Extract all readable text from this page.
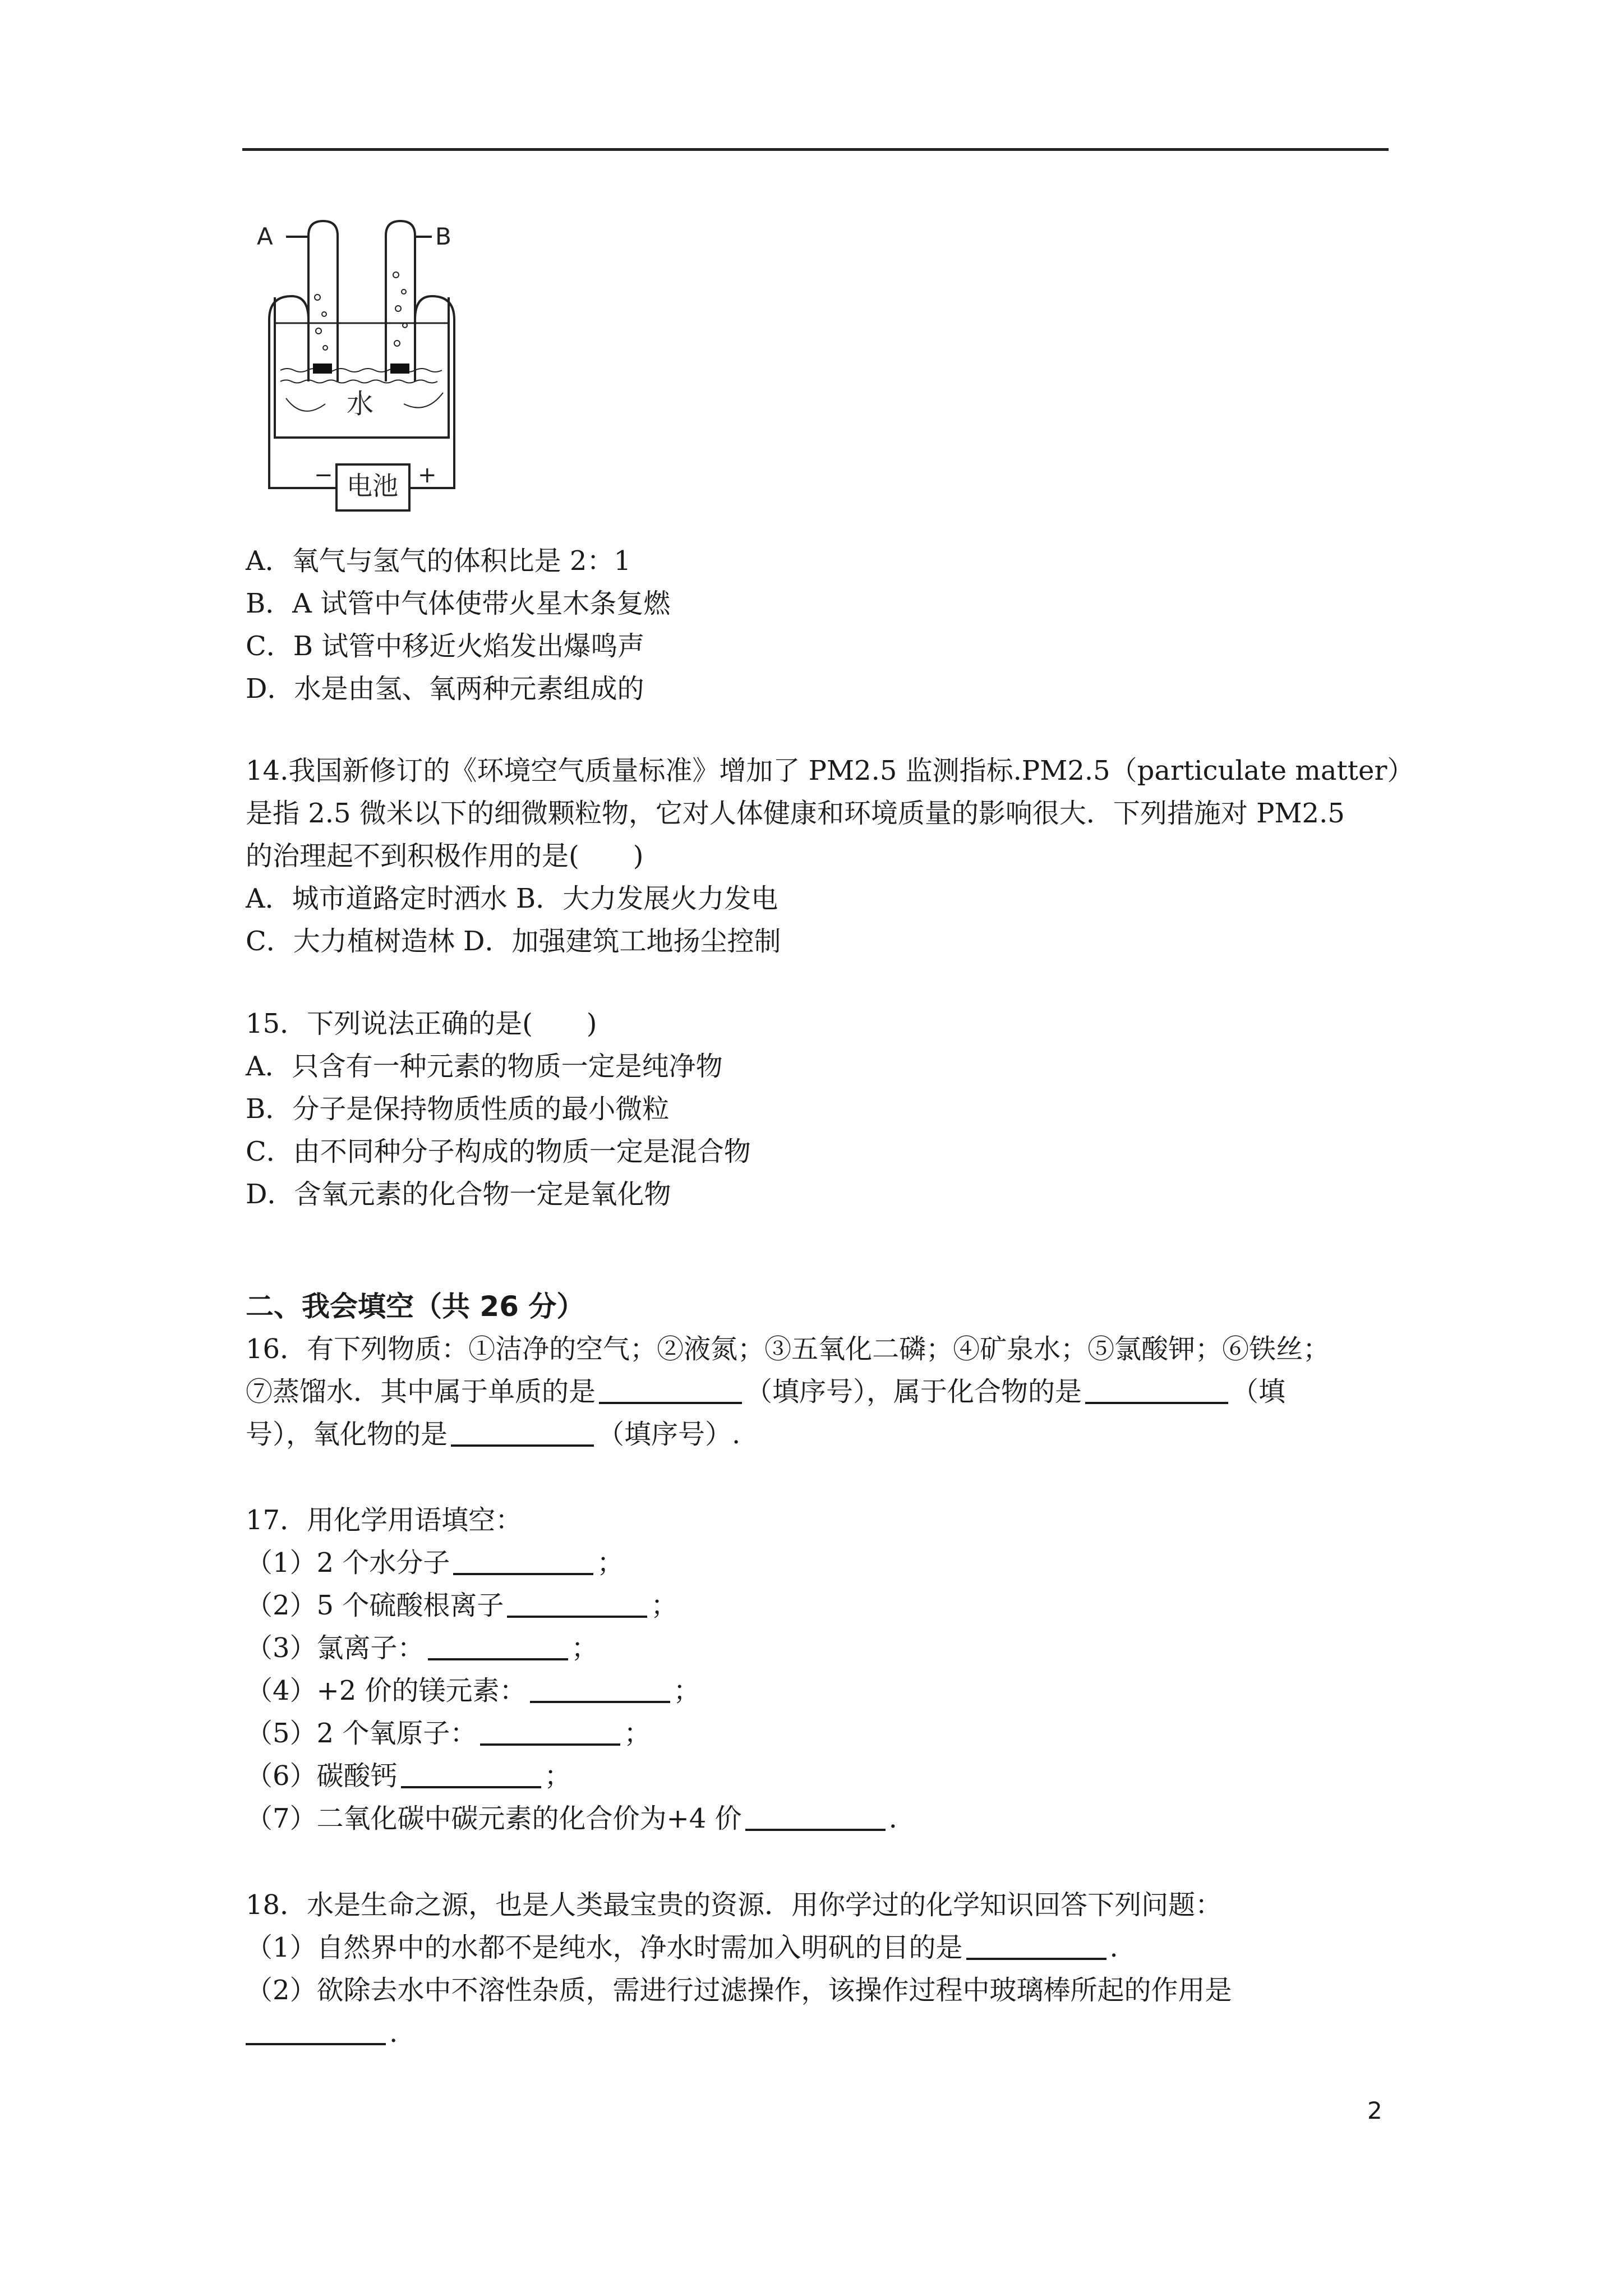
A	B
水
电池
−	+
A．氧气与氢气的体积比是 2：1
B．A 试管中气体使带火星木条复燃
C．B 试管中移近火焰发出爆鸣声
D．水是由氢、氧两种元素组成的
14.我国新修订的《环境空气质量标准》增加了 PM2.5 监测指标.PM2.5（particulate matter）
是指 2.5 微米以下的细微颗粒物，它对人体健康和环境质量的影响很大．下列措施对 PM2.5
的治理起不到积极作用的是(　　)
A．城市道路定时洒水 B．大力发展火力发电
C．大力植树造林 D．加强建筑工地扬尘控制
15．下列说法正确的是(　　)
A．只含有一种元素的物质一定是纯净物
B．分子是保持物质性质的最小微粒
C．由不同种分子构成的物质一定是混合物
D．含氧元素的化合物一定是氧化物
二、我会填空（共 26 分）
16．有下列物质：①洁净的空气；②液氮；③五氧化二磷；④矿泉水；⑤氯酸钾；⑥铁丝；
⑦蒸馏水．其中属于单质的是	（填序号），属于化合物的是	（填
号），氧化物的是	（填序号）.
17．用化学用语填空：
（1）2 个水分子	；
（2）5 个硫酸根离子	；
（3）氯离子：	；
（4）+2 价的镁元素：	；
（5）2 个氧原子：	；
（6）碳酸钙	；
（7）二氧化碳中碳元素的化合价为+4 价	.
18．水是生命之源，也是人类最宝贵的资源．用你学过的化学知识回答下列问题：
（1）自然界中的水都不是纯水，净水时需加入明矾的目的是	.
（2）欲除去水中不溶性杂质，需进行过滤操作，该操作过程中玻璃棒所起的作用是
.
2
